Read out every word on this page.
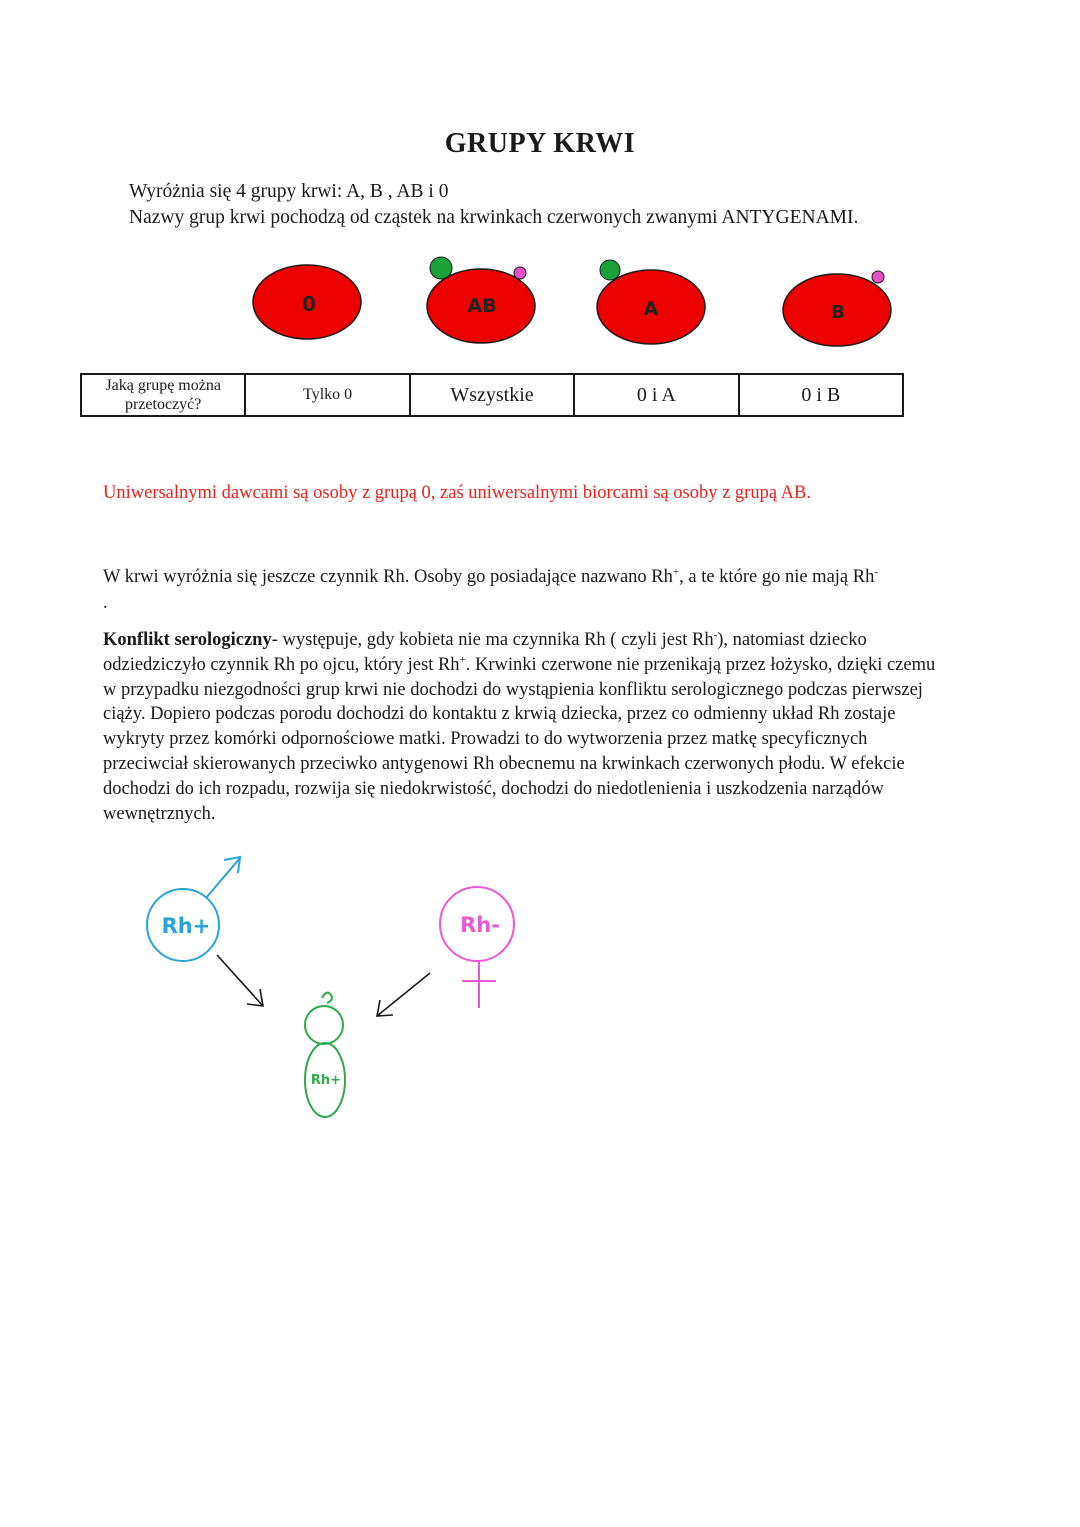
GRUPY KRWI
Wyróżnia się 4 grupy krwi: A, B , AB i 0
Nazwy grup krwi pochodzą od cząstek na krwinkach czerwonych zwanymi ANTYGENAMI.
0	AB	A	B
Jaką grupę można przetoczyć?	Tylko 0	Wszystkie	0 i A	0 i B
Uniwersalnymi dawcami są osoby z grupą 0, zaś uniwersalnymi biorcami są osoby z grupą AB.
W krwi wyróżnia się jeszcze czynnik Rh. Osoby go posiadające nazwano Rh+, a te które go nie mają Rh-
.
Konflikt serologiczny- występuje, gdy kobieta nie ma czynnika Rh ( czyli jest Rh-), natomiast dziecko odziedziczyło czynnik Rh po ojcu, który jest Rh+. Krwinki czerwone nie przenikają przez łożysko, dzięki czemu w przypadku niezgodności grup krwi nie dochodzi do wystąpienia konfliktu serologicznego podczas pierwszej ciąży. Dopiero podczas porodu dochodzi do kontaktu z krwią dziecka, przez co odmienny układ Rh zostaje wykryty przez komórki odpornościowe matki. Prowadzi to do wytworzenia przez matkę specyficznych przeciwciał skierowanych przeciwko antygenowi Rh obecnemu na krwinkach czerwonych płodu. W efekcie dochodzi do ich rozpadu, rozwija się niedokrwistość, dochodzi do niedotlenienia i uszkodzenia narządów wewnętrznych.
Rh+	Rh-
Rh+
